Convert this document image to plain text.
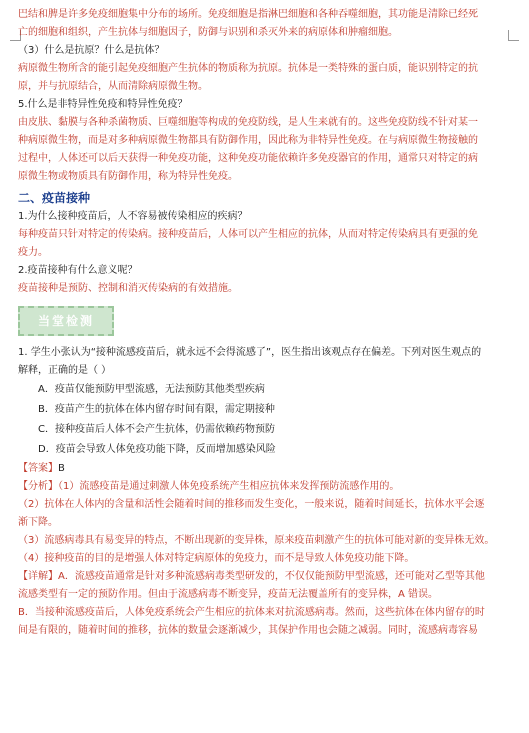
巴结和脾是许多免疫细胞集中分布的场所。免疫细胞是指淋巴细胞和各种吞噬细胞，其功能是清除已经死
亡的细胞和组织，产生抗体与细胞因子，防御与识别和杀灭外来的病原体和肿瘤细胞。
（3）什么是抗原？什么是抗体？
病原微生物所含的能引起免疫细胞产生抗体的物质称为抗原。抗体是一类特殊的蛋白质，能识别特定的抗
原，并与抗原结合，从而清除病原微生物。
5.什么是非特异性免疫和特异性免疫？
由皮肤、黏膜与各种杀菌物质、巨噬细胞等构成的免疫防线，是人生来就有的。这些免疫防线不针对某一
种病原微生物，而是对多种病原微生物都具有防御作用，因此称为非特异性免疫。在与病原微生物接触的
过程中，人体还可以后天获得一种免疫功能，这种免疫功能依赖许多免疫器官的作用，通常只对特定的病
原微生物或物质具有防御作用，称为特异性免疫。
二、疫苗接种
1.为什么接种疫苗后，人不容易被传染相应的疾病？
每种疫苗只针对特定的传染病。接种疫苗后，人体可以产生相应的抗体，从而对特定传染病具有更强的免
疫力。
2.疫苗接种有什么意义呢？
疫苗接种是预防、控制和消灭传染病的有效措施。
当堂检测
1. 学生小张认为“接种流感疫苗后，就永远不会得流感了”，医生指出该观点存在偏差。下列对医生观点的
解释，正确的是（ ）
A．疫苗仅能预防甲型流感，无法预防其他类型疾病
B．疫苗产生的抗体在体内留存时间有限，需定期接种
C．接种疫苗后人体不会产生抗体，仍需依赖药物预防
D．疫苗会导致人体免疫功能下降，反而增加感染风险
【答案】B
【分析】（1）流感疫苗是通过刺激人体免疫系统产生相应抗体来发挥预防流感作用的。
（2）抗体在人体内的含量和活性会随着时间的推移而发生变化，一般来说，随着时间延长，抗体水平会逐
渐下降。
（3）流感病毒具有易变异的特点，不断出现新的变异株，原来疫苗刺激产生的抗体可能对新的变异株无效。
（4）接种疫苗的目的是增强人体对特定病原体的免疫力，而不是导致人体免疫功能下降。
【详解】A．流感疫苗通常是针对多种流感病毒类型研发的，不仅仅能预防甲型流感，还可能对乙型等其他
流感类型有一定的预防作用。但由于流感病毒不断变异，疫苗无法覆盖所有的变异株，A 错误。
B．当接种流感疫苗后，人体免疫系统会产生相应的抗体来对抗流感病毒。然而，这些抗体在体内留存的时
间是有限的，随着时间的推移，抗体的数量会逐渐减少，其保护作用也会随之减弱。同时，流感病毒容易
